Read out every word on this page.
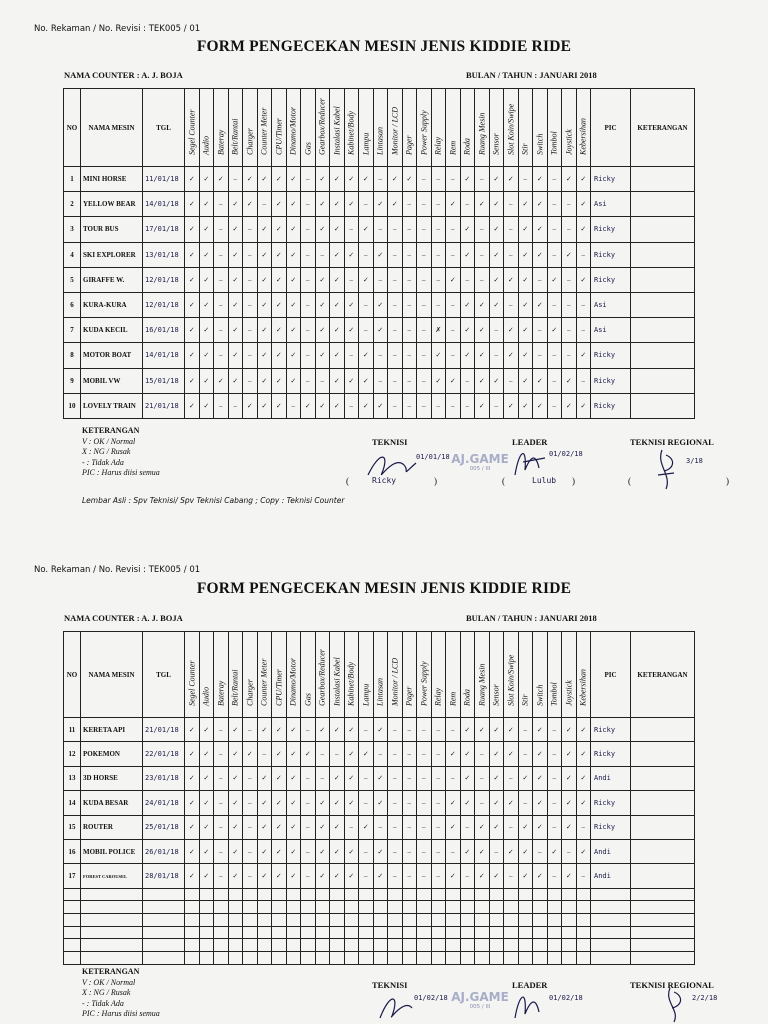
No. Rekaman / No. Revisi : TEK005 / 01
FORM PENGECEKAN MESIN JENIS KIDDIE RIDE
NAMA COUNTER : A. J. BOJA	BULAN / TAHUN : JANUARI 2018
NO	NAMA MESIN	TGL	Segel Counter	Audio	Bateray	Belt/Rantai	Charger	Counter Meter	CPU/Timer	Dinamo/Motor	Gas	Gearbox/Reducer	Instalasi Kabel	Kabinet/Body	Lampu	Lintasan	Monitor / LCD	Pager	Power Supply	Relay	Rem	Roda	Ruang Mesin	Sensor	Slot Koin/Swipe	Stir	Switch	Tombol	Joystick	Kebersihan	PIC	KETERANGAN
1	MINI HORSE	11/01/18	✓	✓	✓	–	✓	✓	✓	✓	–	✓	✓	✓	✓	–	✓	✓	–	–	–	✓	–	✓	✓	–	✓	–	✓	✓	Ricky	
2	YELLOW BEAR	14/01/18	✓	✓	–	✓	✓	–	✓	✓	–	✓	✓	✓	–	✓	✓	–	–	–	✓	–	✓	✓	–	✓	✓	–	–	✓	Asi	
3	TOUR BUS	17/01/18	✓	✓	–	✓	–	✓	✓	✓	–	✓	✓	–	✓	–	–	–	–	–	–	✓	–	✓	–	✓	✓	–	–	✓	Ricky	
4	SKI EXPLORER	13/01/18	✓	✓	–	✓	–	✓	✓	✓	–	–	✓	✓	–	✓	–	–	–	–	–	✓	–	✓	–	✓	✓	–	✓	–	Ricky	
5	GIRAFFE W.	12/01/18	✓	✓	–	✓	–	✓	✓	✓	–	✓	✓	–	✓	–	–	–	–	–	✓	–	–	✓	✓	✓	–	✓	–	✓	Ricky	
6	KURA-KURA	12/01/18	✓	✓	–	✓	–	✓	✓	✓	–	✓	✓	✓	–	✓	–	–	–	–	–	✓	✓	✓	–	✓	✓	–	–	–	Asi	
7	KUDA KECIL	16/01/18	✓	✓	–	✓	–	✓	✓	✓	–	✓	✓	✓	–	✓	–	–	–	✗	–	✓	✓	–	✓	✓	–	✓	–	–	Asi	
8	MOTOR BOAT	14/01/18	✓	✓	–	✓	–	✓	✓	✓	–	✓	✓	–	✓	–	–	–	–	✓	–	✓	✓	–	✓	✓	–	–	–	✓	Ricky	
9	MOBIL VW	15/01/18	✓	✓	✓	✓	–	✓	✓	✓	–	–	✓	✓	✓	–	–	–	–	✓	✓	–	✓	✓	–	✓	✓	–	✓	–	Ricky	
10	LOVELY TRAIN	21/01/18	✓	✓	–	–	✓	✓	✓	–	✓	✓	✓	–	✓	✓	–	–	–	–	–	–	✓	–	✓	✓	✓	–	✓	✓	Ricky	
KETERANGAN
V : OK / Normal
X : NG / Rusak
- : Tidak Ada
PIC : Harus diisi semua
TEKNISI	LEADER	TEKNISI REGIONAL
01/01/18 AJ.GAME
005 / III
01/02/18
3/18
(	Ricky	)	(	Lulub )	(	)
Lembar Asli : Spv Teknisi/ Spv Teknisi Cabang ; Copy : Teknisi Counter
No. Rekaman / No. Revisi : TEK005 / 01
FORM PENGECEKAN MESIN JENIS KIDDIE RIDE
NAMA COUNTER : A. J. BOJA	BULAN / TAHUN : JANUARI 2018
NO	NAMA MESIN	TGL	Segel Counter	Audio	Bateray	Belt/Rantai	Charger	Counter Meter	CPU/Timer	Dinamo/Motor	Gas	Gearbox/Reducer	Instalasi Kabel	Kabinet/Body	Lampu	Lintasan	Monitor / LCD	Pager	Power Supply	Relay	Rem	Roda	Ruang Mesin	Sensor	Slot Koin/Swipe	Stir	Switch	Tombol	Joystick	Kebersihan	PIC	KETERANGAN
11	KERETA API	21/01/18	✓	✓	–	✓	–	✓	✓	✓	–	✓	✓	✓	–	✓	–	–	–	–	–	✓	✓	✓	✓	–	✓	–	✓	✓	Ricky	
12	POKEMON	22/01/18	✓	✓	–	✓	✓	–	✓	✓	✓	–	–	✓	✓	–	–	–	–	–	✓	✓	–	✓	✓	–	✓	–	✓	✓	Ricky	
13	3D HORSE	23/01/18	✓	✓	–	✓	–	✓	✓	✓	–	–	✓	✓	–	✓	–	–	–	–	–	✓	–	✓	–	✓	✓	–	✓	✓	Andi	
14	KUDA BESAR	24/01/18	✓	✓	–	✓	–	✓	✓	✓	–	✓	✓	✓	–	✓	–	–	–	–	✓	✓	–	✓	✓	–	✓	–	✓	✓	Ricky	
15	ROUTER	25/01/18	✓	✓	–	✓	–	✓	✓	✓	–	✓	✓	–	✓	–	–	–	–	–	✓	–	✓	✓	–	✓	✓	–	✓	–	Ricky	
16	MOBIL POLICE	26/01/18	✓	✓	–	✓	–	✓	✓	✓	–	✓	✓	✓	–	✓	–	–	–	–	–	✓	✓	–	✓	✓	–	✓	–	✓	Andi	
17	FOREST CAROUSEL	28/01/18	✓	✓	–	✓	–	✓	✓	✓	–	✓	✓	✓	–	✓	–	–	–	–	✓	–	✓	✓	–	✓	✓	–	✓	–	Andi	

KETERANGAN
V : OK / Normal
X : NG / Rusak
- : Tidak Ada
PIC : Harus diisi semua
TEKNISI	LEADER	TEKNISI REGIONAL
01/02/18 AJ.GAME
005 / III
01/02/18	2/2/18
